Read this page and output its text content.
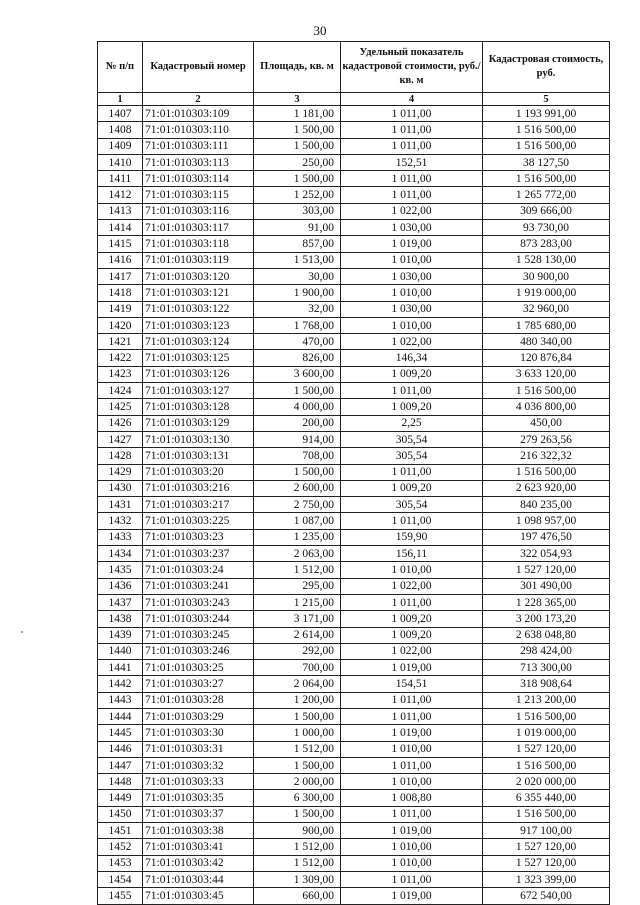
30
№ п/п	Кадастровый номер	Площадь, кв. м	Удельный показатель кадастровой стоимости, руб./кв. м	Кадастровая стоимость, руб.
1	2	3	4	5
1407	71:01:010303:109	1 181,00	1 011,00	1 193 991,00
1408	71:01:010303:110	1 500,00	1 011,00	1 516 500,00
1409	71:01:010303:111	1 500,00	1 011,00	1 516 500,00
1410	71:01:010303:113	250,00	152,51	38 127,50
1411	71:01:010303:114	1 500,00	1 011,00	1 516 500,00
1412	71:01:010303:115	1 252,00	1 011,00	1 265 772,00
1413	71:01:010303:116	303,00	1 022,00	309 666,00
1414	71:01:010303:117	91,00	1 030,00	93 730,00
1415	71:01:010303:118	857,00	1 019,00	873 283,00
1416	71:01:010303:119	1 513,00	1 010,00	1 528 130,00
1417	71:01:010303:120	30,00	1 030,00	30 900,00
1418	71:01:010303:121	1 900,00	1 010,00	1 919 000,00
1419	71:01:010303:122	32,00	1 030,00	32 960,00
1420	71:01:010303:123	1 768,00	1 010,00	1 785 680,00
1421	71:01:010303:124	470,00	1 022,00	480 340,00
1422	71:01:010303:125	826,00	146,34	120 876,84
1423	71:01:010303:126	3 600,00	1 009,20	3 633 120,00
1424	71:01:010303:127	1 500,00	1 011,00	1 516 500,00
1425	71:01:010303:128	4 000,00	1 009,20	4 036 800,00
1426	71:01:010303:129	200,00	2,25	450,00
1427	71:01:010303:130	914,00	305,54	279 263,56
1428	71:01:010303:131	708,00	305,54	216 322,32
1429	71:01:010303:20	1 500,00	1 011,00	1 516 500,00
1430	71:01:010303:216	2 600,00	1 009,20	2 623 920,00
1431	71:01:010303:217	2 750,00	305,54	840 235,00
1432	71:01:010303:225	1 087,00	1 011,00	1 098 957,00
1433	71:01:010303:23	1 235,00	159,90	197 476,50
1434	71:01:010303:237	2 063,00	156,11	322 054,93
1435	71:01:010303:24	1 512,00	1 010,00	1 527 120,00
1436	71:01:010303:241	295,00	1 022,00	301 490,00
1437	71:01:010303:243	1 215,00	1 011,00	1 228 365,00
1438	71:01:010303:244	3 171,00	1 009,20	3 200 173,20
1439	71:01:010303:245	2 614,00	1 009,20	2 638 048,80
1440	71:01:010303:246	292,00	1 022,00	298 424,00
1441	71:01:010303:25	700,00	1 019,00	713 300,00
1442	71:01:010303:27	2 064,00	154,51	318 908,64
1443	71:01:010303:28	1 200,00	1 011,00	1 213 200,00
1444	71:01:010303:29	1 500,00	1 011,00	1 516 500,00
1445	71:01:010303:30	1 000,00	1 019,00	1 019 000,00
1446	71:01:010303:31	1 512,00	1 010,00	1 527 120,00
1447	71:01:010303:32	1 500,00	1 011,00	1 516 500,00
1448	71:01:010303:33	2 000,00	1 010,00	2 020 000,00
1449	71:01:010303:35	6 300,00	1 008,80	6 355 440,00
1450	71:01:010303:37	1 500,00	1 011,00	1 516 500,00
1451	71:01:010303:38	900,00	1 019,00	917 100,00
1452	71:01:010303:41	1 512,00	1 010,00	1 527 120,00
1453	71:01:010303:42	1 512,00	1 010,00	1 527 120,00
1454	71:01:010303:44	1 309,00	1 011,00	1 323 399,00
1455	71:01:010303:45	660,00	1 019,00	672 540,00
